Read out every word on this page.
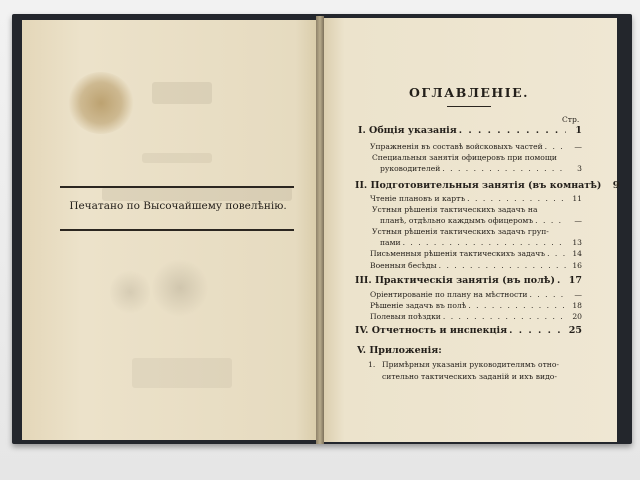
Печатано по Высочайшему повелѣнію.
ОГЛАВЛЕНІЕ.
Стр.
I. Общія указанія . . .	1
Упражненія въ составѣ войсковыхъ частей . . .	—
Специальныя занятія офицеровъ при помощи
руководителей . . .	3
II. Подготовительныя занятія (въ комнатѣ)	9
Чтеніе плановъ и картъ . . .	11
Устныя рѣшенія тактическихъ задачъ на
планѣ, отдѣльно каждымъ офицеромъ . . .	—
Устныя рѣшенія тактическихъ задачъ груп-
пами . . .	13
Письменныя рѣшенія тактическихъ задачъ . . .	14
Военныя бесѣды . . .	16
III. Практическія занятія (въ полѣ) . . . 17
Оріентированіе по плану на мѣстности . . .	—
Рѣшеніе задачъ въ полѣ . . .	18
Полевыя поѣздки . . .	20
IV. Отчетность и инспекція . . .	25
V. Приложенія:
1. Примѣрныя указанія руководителямъ отно-
сительно тактическихъ заданій и ихъ видо-
